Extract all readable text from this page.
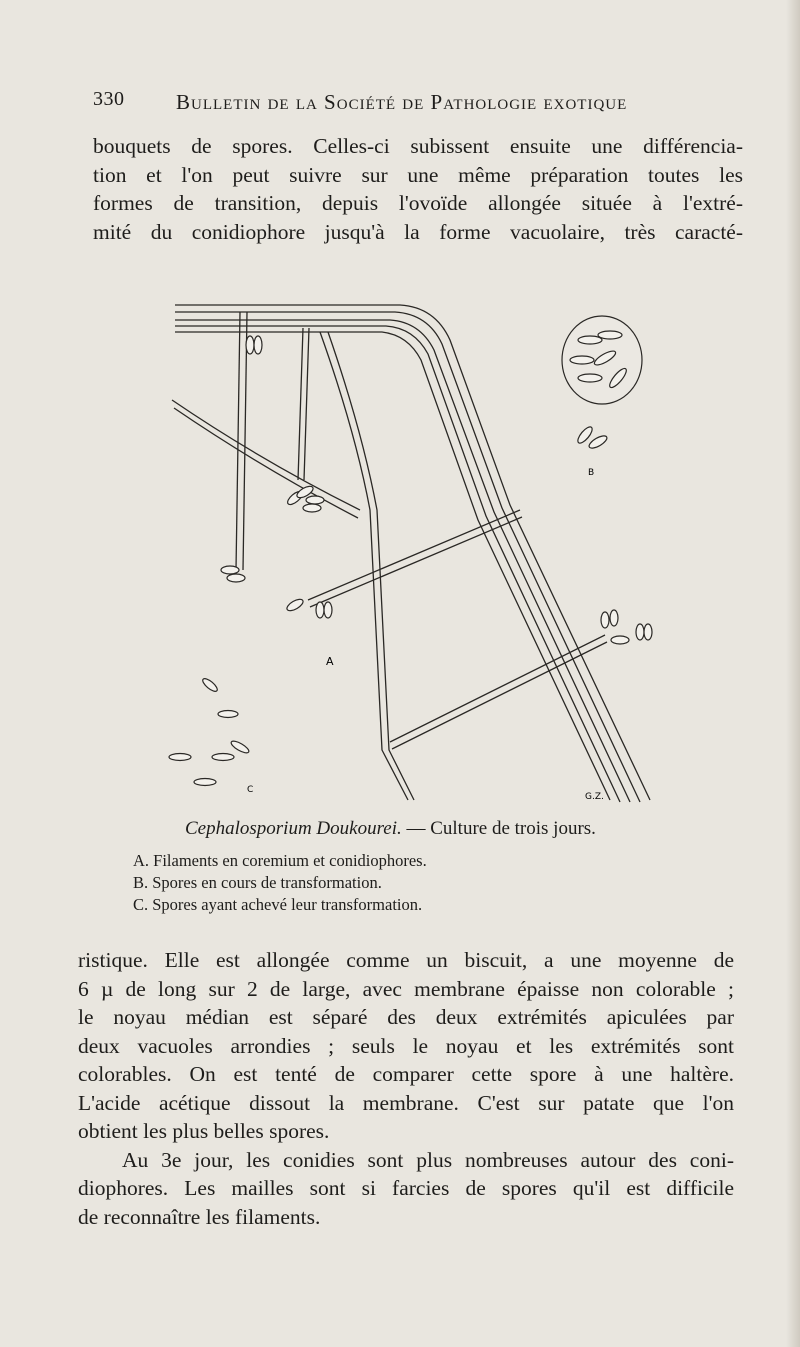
330 Bulletin de la Société de Pathologie exotique
bouquets de spores. Celles-ci subissent ensuite une différencia-
tion et l'on peut suivre sur une même préparation toutes les
formes de transition, depuis l'ovoïde allongée située à l'extré-
mité du conidiophore jusqu'à la forme vacuolaire, très caracté-
A
B
C
G.Z.
Cephalosporium Doukourei. — Culture de trois jours.
A. Filaments en coremium et conidiophores.
B. Spores en cours de transformation.
C. Spores ayant achevé leur transformation.
ristique. Elle est allongée comme un biscuit, a une moyenne de
6 µ de long sur 2 de large, avec membrane épaisse non colorable ;
le noyau médian est séparé des deux extrémités apiculées par
deux vacuoles arrondies ; seuls le noyau et les extrémités sont
colorables. On est tenté de comparer cette spore à une haltère.
L'acide acétique dissout la membrane. C'est sur patate que l'on
obtient les plus belles spores.
Au 3e jour, les conidies sont plus nombreuses autour des coni-
diophores. Les mailles sont si farcies de spores qu'il est difficile
de reconnaître les filaments.
